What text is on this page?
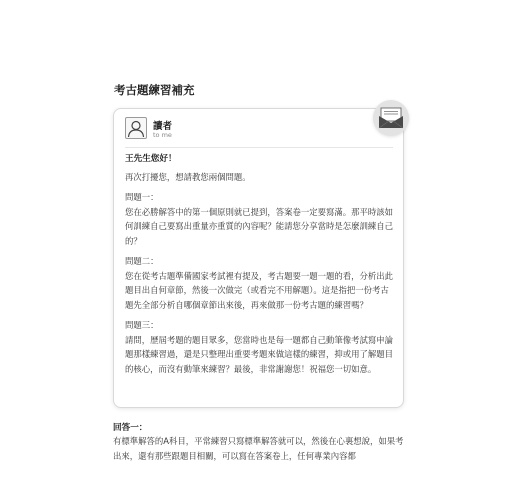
考古題練習補充
讀者
to me

王先生您好！

再次打擾您，想請教您兩個問題。

問題一：

您在必勝解答中的第一個原則就已提到，答案卷一定要寫滿。那平時該如何訓練自己要寫出重量亦重質的內容呢？能請您分享當時是怎麼訓練自己的？

問題二：

您在從考古題準備國家考試裡有提及，考古題要一題一題的看，分析出此題目出自何章節，然後一次做完（或看完不用解題）。這是指把一份考古題先全部分析自哪個章節出來後，再來做那一份考古題的練習嗎？

問題三：

請問，歷屆考題的題目眾多，您當時也是每一題都自己動筆像考試寫申論題那樣練習過，還是只整理出重要考題來做這樣的練習，抑或用了解題目的核心，而沒有動筆來練習？最後，非常謝謝您！祝福您一切如意。

回答一：

有標準解答的A科目，平常練習只寫標準解答就可以，然後在心裏想說，如果考出來，還有那些跟題目相關，可以寫在答案卷上，任何專業內容都
